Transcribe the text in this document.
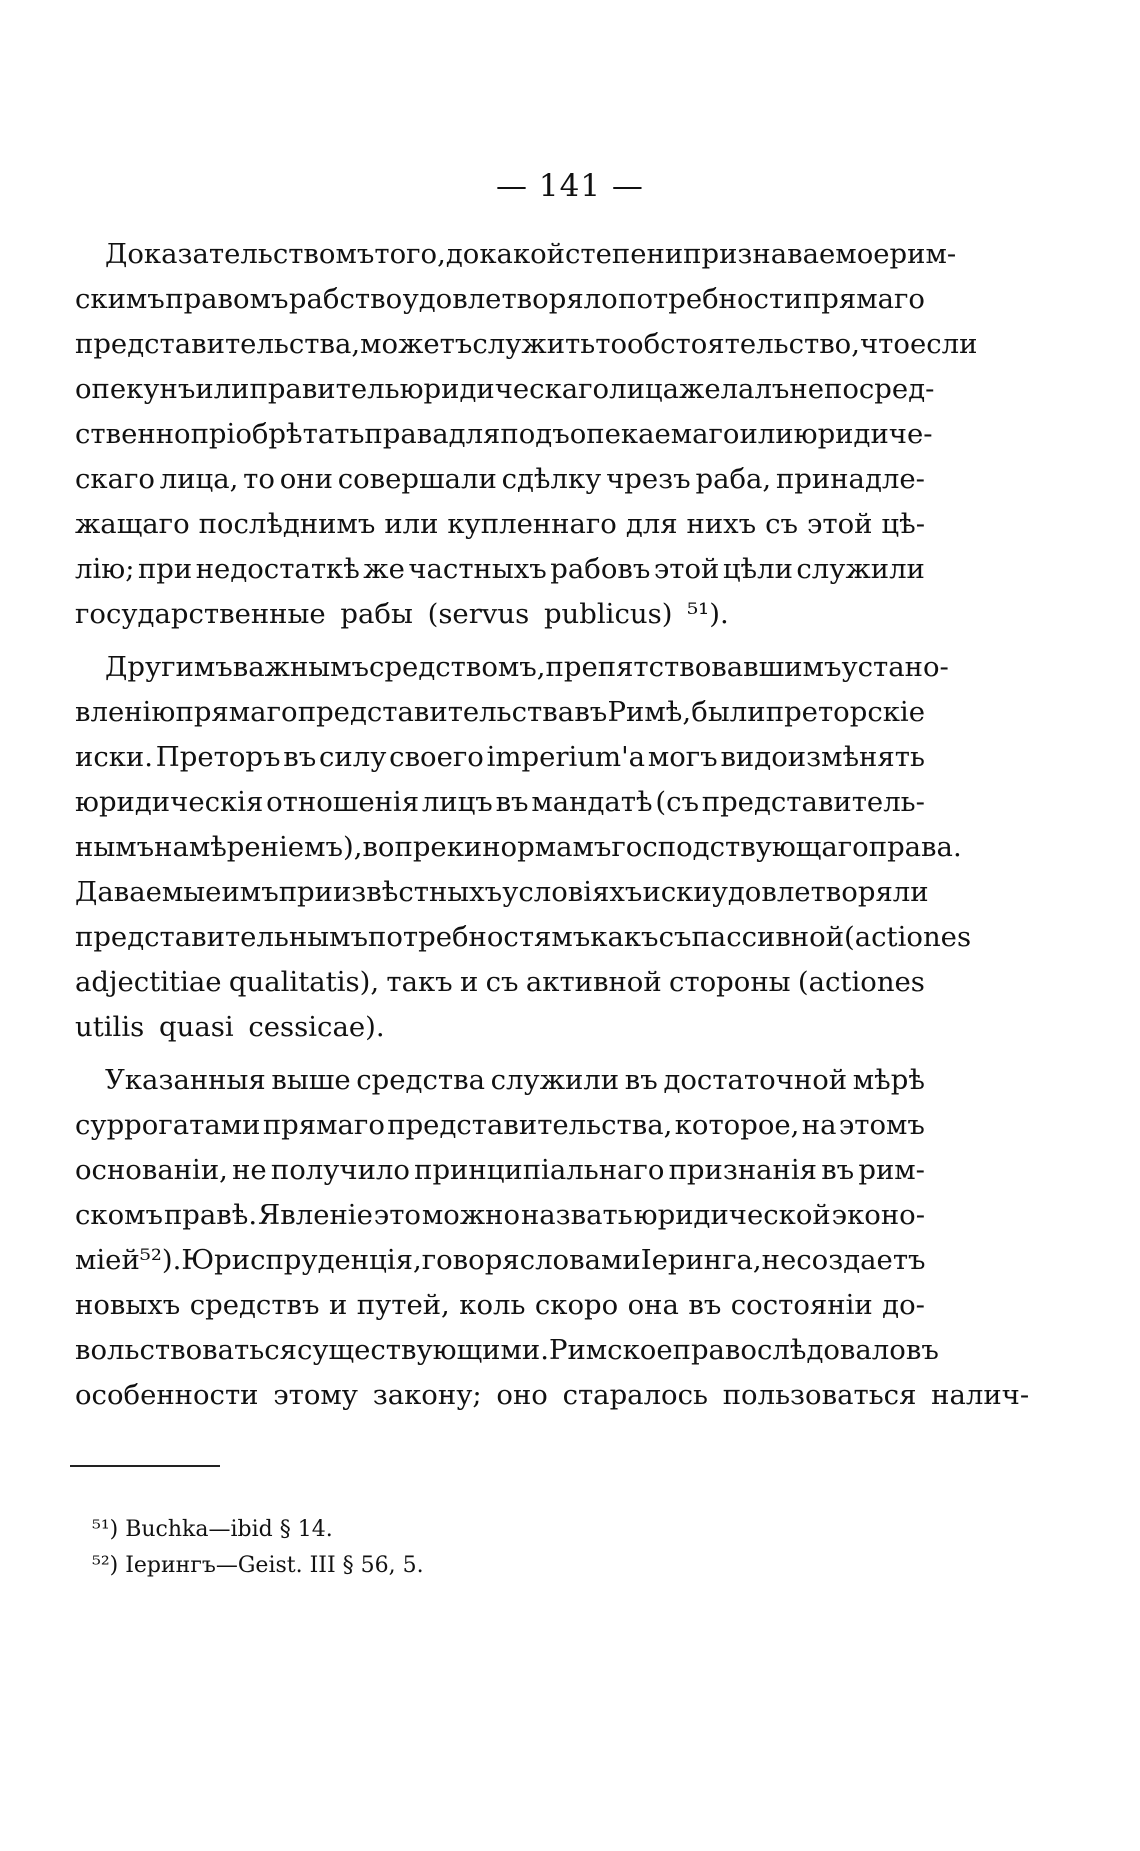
— 141 —
Доказательствомъ того, до какой степени признаваемое рим-
скимъ правомъ рабство удовлетворяло потребности прямаго
представительства, можетъ служить то обстоятельство, что если
опекунъ или правитель юридическаго лица желалъ непосред-
ственно пріобрѣтать права для подъопекаемаго или юридиче-
скаго лица, то они совершали сдѣлку чрезъ раба, принадле-
жащаго послѣднимъ или купленнаго для нихъ съ этой цѣ-
лію; при недостаткѣ же частныхъ рабовъ этой цѣли служили
государственные рабы (servus publicus) ⁵¹).
Другимъ важнымъ средствомъ, препятствовавшимъ устано-
вленію прямаго представительства въ Римѣ, были преторскіе
иски. Преторъ въ силу своего imperium'а могъ видоизмѣнять
юридическія отношенія лицъ въ мандатѣ (съ представитель-
нымъ намѣреніемъ), вопреки нормамъ господствующаго права.
Даваемые имъ при извѣстныхъ условіяхъ иски удовлетворяли
представительнымъ потребностямъ какъ съ пассивной (actiones
adjectitiae qualitatis), такъ и съ активной стороны (actiones
utilis quasi cessicae).
Указанныя выше средства служили въ достаточной мѣрѣ
суррогатами прямаго представительства, которое, на этомъ
основаніи, не получило принципіальнаго признанія въ рим-
скомъ правѣ. Явленіе это можно назвать юридической эконо-
міей ⁵²). Юриспруденція, говоря словами Іеринга, не создаетъ
новыхъ средствъ и путей, коль скоро она въ состояніи до-
вольствоваться существующими. Римское право слѣдовало въ
особенности этому закону; оно старалось пользоваться налич-
⁵¹) Buchka—ibid § 14.
⁵²) Іерингъ—Geist. III § 56, 5.
